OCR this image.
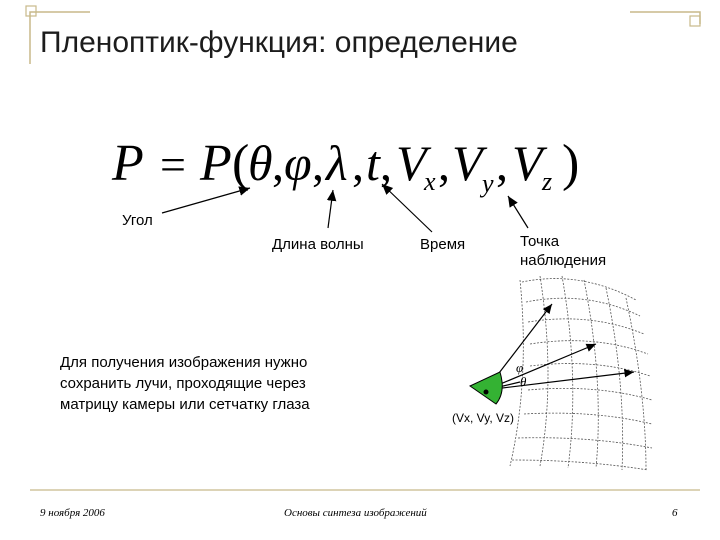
Пленоптик-функция: определение
P = P (
θ , φ , λ , t , V
x , V y , V z )
Угол
Длина волны	Время	Точка
наблюдения
Для получения изображения нужно
сохранить лучи, проходящие через
матрицу камеры или сетчатку глаза
φ
θ
(Vx, Vy, Vz)
9 ноября 2006	Основы синтеза изображений	6
